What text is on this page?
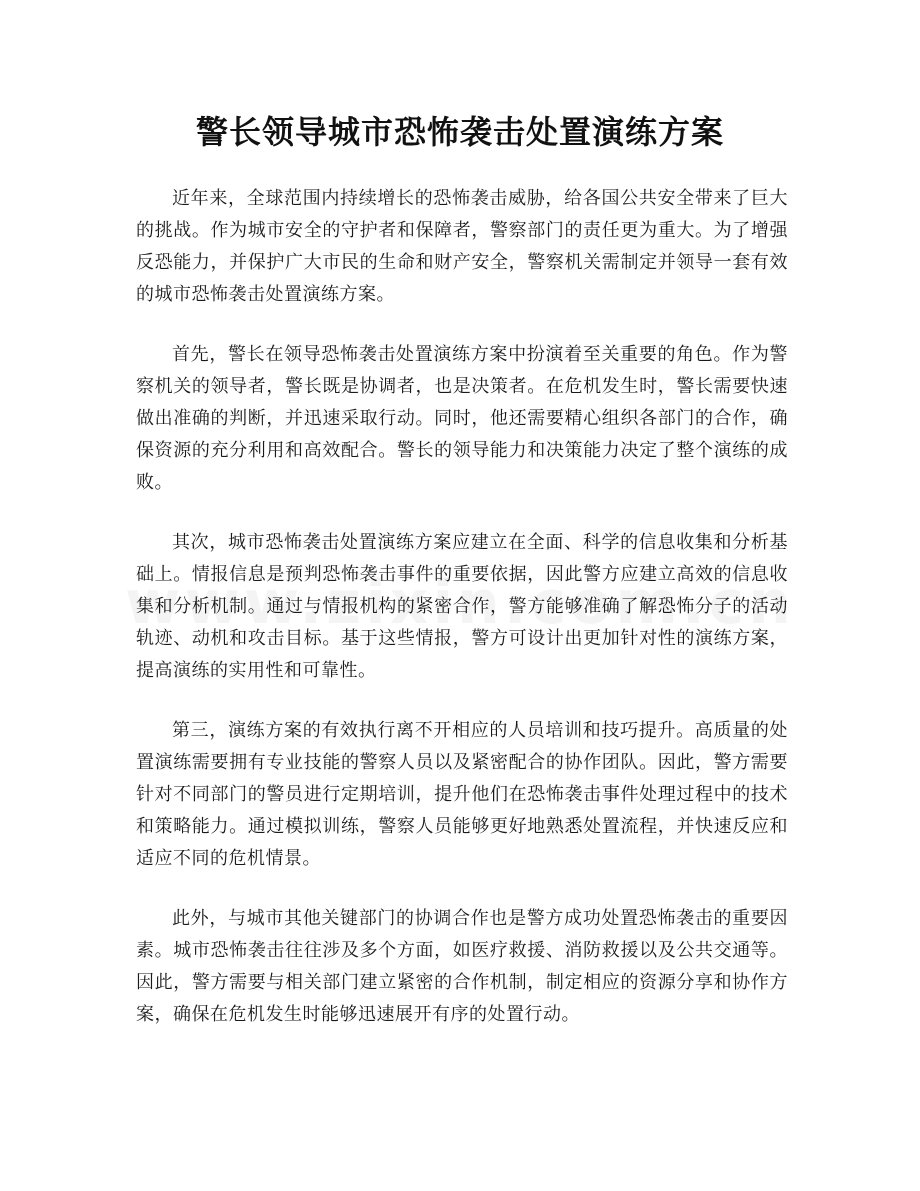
警长领导城市恐怖袭击处置演练方案

近年来，全球范围内持续增长的恐怖袭击威胁，给各国公共安全带来了巨大的挑战。作为城市安全的守护者和保障者，警察部门的责任更为重大。为了增强反恐能力，并保护广大市民的生命和财产安全，警察机关需制定并领导一套有效的城市恐怖袭击处置演练方案。

首先，警长在领导恐怖袭击处置演练方案中扮演着至关重要的角色。作为警察机关的领导者，警长既是协调者，也是决策者。在危机发生时，警长需要快速做出准确的判断，并迅速采取行动。同时，他还需要精心组织各部门的合作，确保资源的充分利用和高效配合。警长的领导能力和决策能力决定了整个演练的成败。

其次，城市恐怖袭击处置演练方案应建立在全面、科学的信息收集和分析基础上。情报信息是预判恐怖袭击事件的重要依据，因此警方应建立高效的信息收集和分析机制。通过与情报机构的紧密合作，警方能够准确了解恐怖分子的活动轨迹、动机和攻击目标。基于这些情报，警方可设计出更加针对性的演练方案，提高演练的实用性和可靠性。

第三，演练方案的有效执行离不开相应的人员培训和技巧提升。高质量的处置演练需要拥有专业技能的警察人员以及紧密配合的协作团队。因此，警方需要针对不同部门的警员进行定期培训，提升他们在恐怖袭击事件处理过程中的技术和策略能力。通过模拟训练，警察人员能够更好地熟悉处置流程，并快速反应和适应不同的危机情景。

此外，与城市其他关键部门的协调合作也是警方成功处置恐怖袭击的重要因素。城市恐怖袭击往往涉及多个方面，如医疗救援、消防救援以及公共交通等。因此，警方需要与相关部门建立紧密的合作机制，制定相应的资源分享和协作方案，确保在危机发生时能够迅速展开有序的处置行动。
